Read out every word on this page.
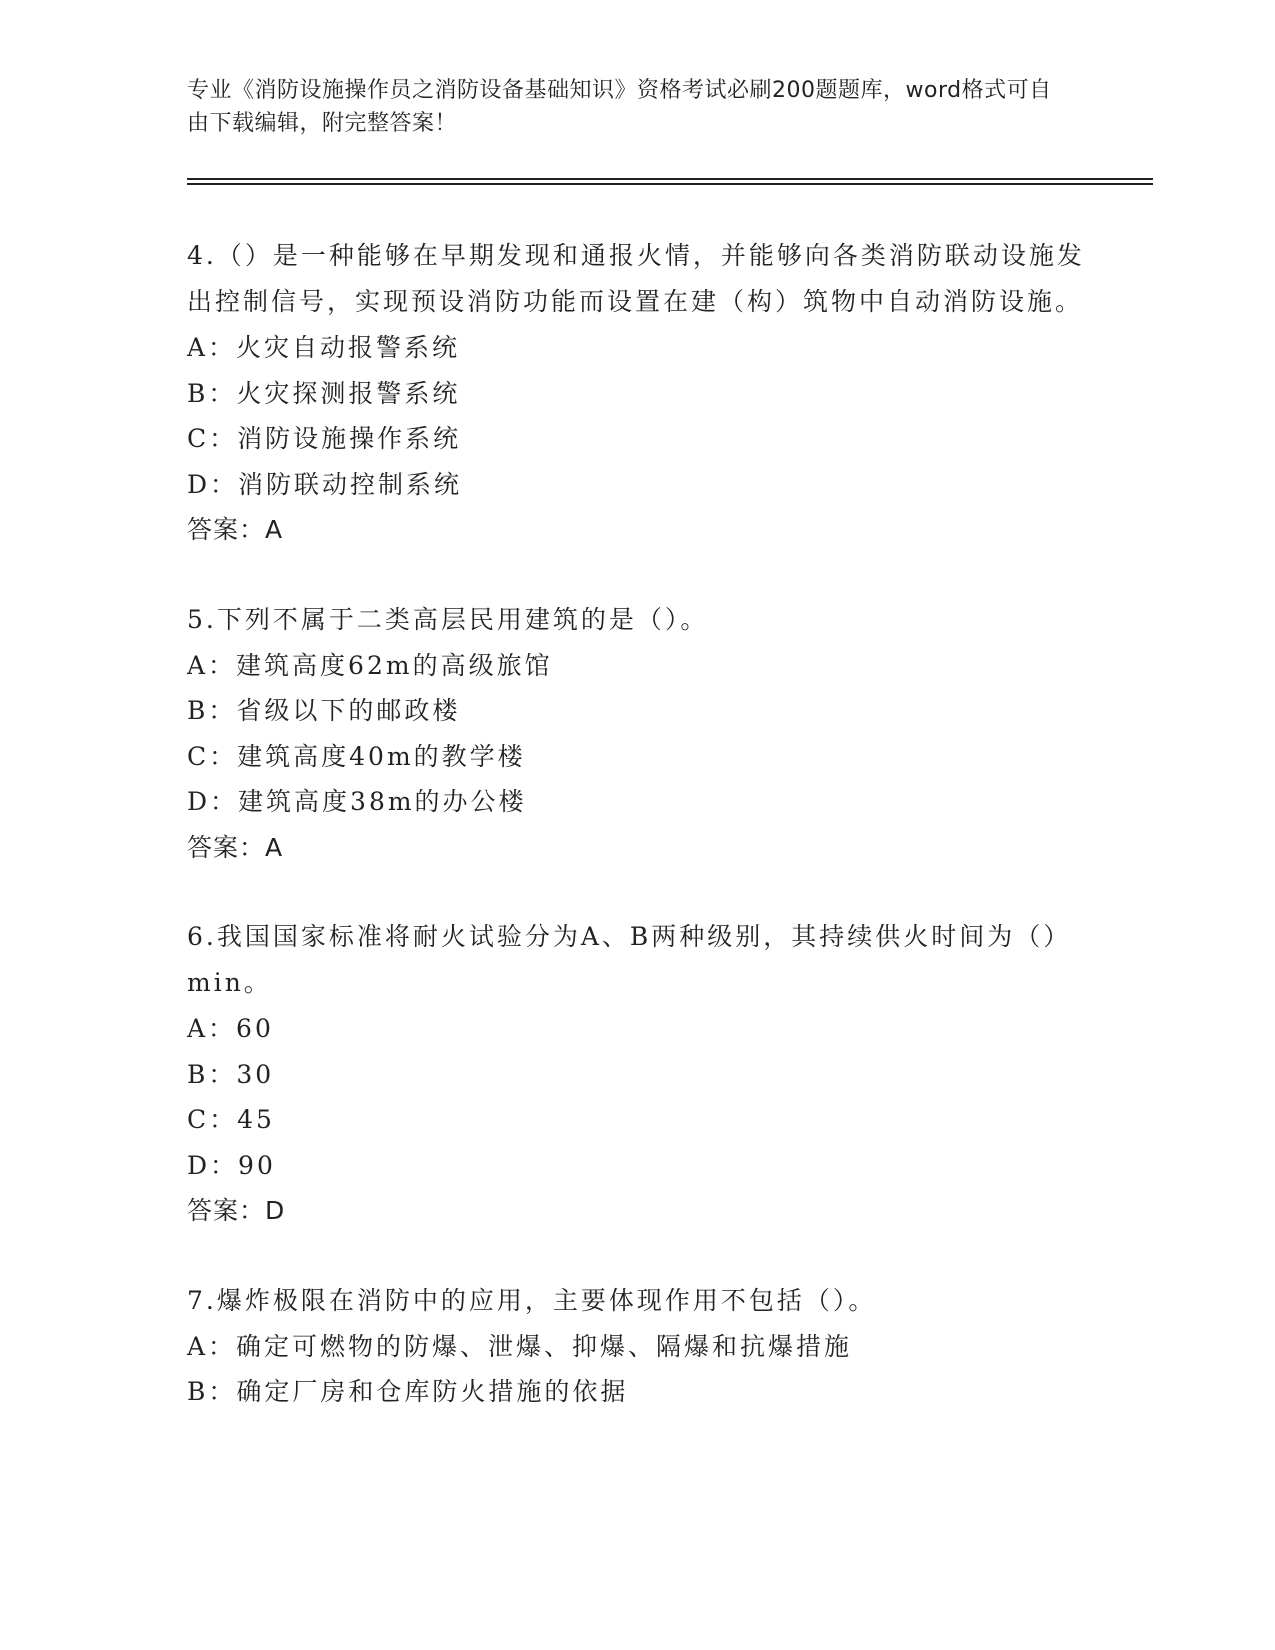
专业《消防设施操作员之消防设备基础知识》资格考试必刷200题题库，word格式可自由下载编辑，附完整答案！

4.（）是一种能够在早期发现和通报火情，并能够向各类消防联动设施发出控制信号，实现预设消防功能而设置在建（构）筑物中自动消防设施。

A：火灾自动报警系统

B：火灾探测报警系统

C：消防设施操作系统

D：消防联动控制系统

答案：A

5.下列不属于二类高层民用建筑的是（）。

A：建筑高度62m的高级旅馆

B：省级以下的邮政楼

C：建筑高度40m的教学楼

D：建筑高度38m的办公楼

答案：A

6.我国国家标准将耐火试验分为A、B两种级别，其持续供火时间为（）min。

A：60

B：30

C：45

D：90

答案：D

7.爆炸极限在消防中的应用，主要体现作用不包括（）。

A：确定可燃物的防爆、泄爆、抑爆、隔爆和抗爆措施

B：确定厂房和仓库防火措施的依据
